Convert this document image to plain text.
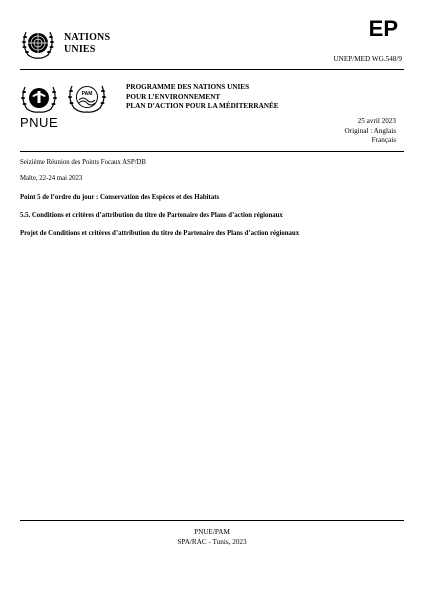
NATIONS
UNIES
EP
UNEP/MED WG.548/9
PAM
PNUE
PROGRAMME DES NATIONS UNIES
POUR L’ENVIRONNEMENT
PLAN D’ACTION POUR LA MÉDITERRANÉE
25 avril 2023
Original : Anglais
Français
Seizième Réunion des Points Focaux ASP/DB
Malte, 22-24 mai 2023
Point 5 de l’ordre du jour : Conservation des Espèces et des Habitats
5.5. Conditions et critères d’attribution du titre de Partenaire des Plans d’action régionaux
Projet de Conditions et critères d’attribution du titre de Partenaire des Plans d’action régionaux
PNUE/PAM
SPA/RAC - Tunis, 2023
